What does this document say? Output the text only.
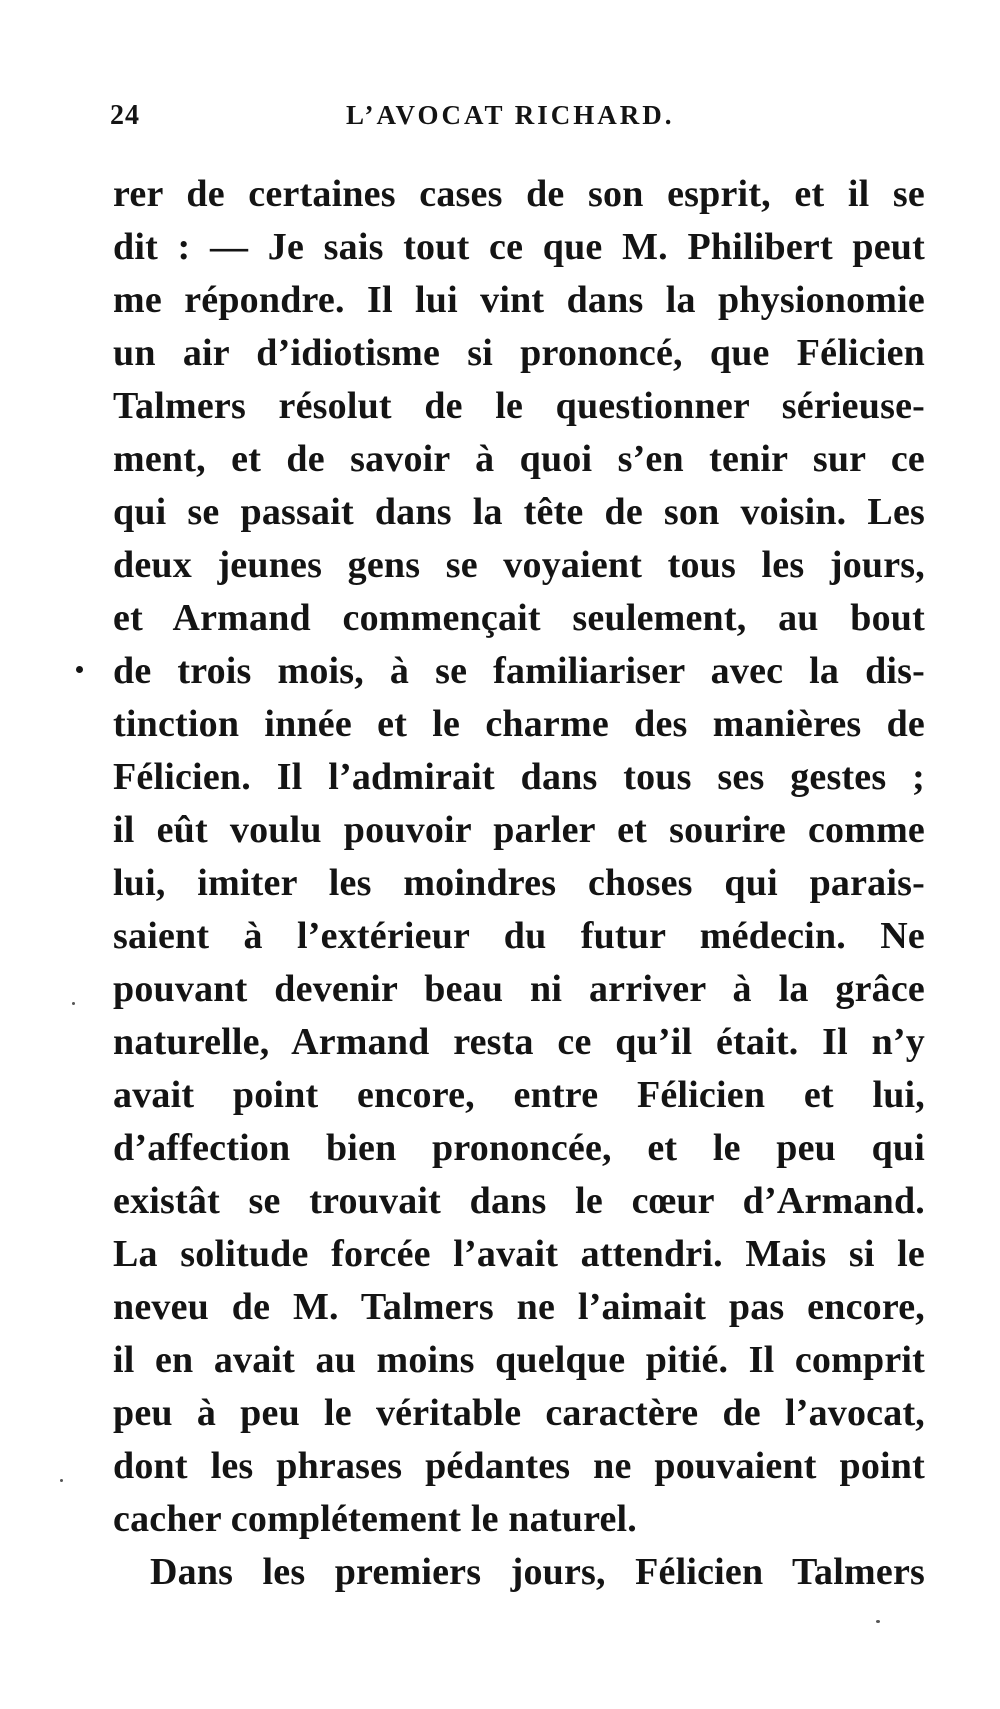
24	L’AVOCAT RICHARD.
rer de certaines cases de son esprit, et il se
dit : — Je sais tout ce que M. Philibert peut
me répondre. Il lui vint dans la physionomie
un air d’idiotisme si prononcé, que Félicien
Talmers résolut de le questionner sérieuse-
ment, et de savoir à quoi s’en tenir sur ce
qui se passait dans la tête de son voisin. Les
deux jeunes gens se voyaient tous les jours,
et Armand commençait seulement, au bout
de trois mois, à se familiariser avec la dis-
tinction innée et le charme des manières de
Félicien. Il l’admirait dans tous ses gestes ;
il eût voulu pouvoir parler et sourire comme
lui, imiter les moindres choses qui parais-
saient à l’extérieur du futur médecin. Ne
pouvant devenir beau ni arriver à la grâce
naturelle, Armand resta ce qu’il était. Il n’y
avait point encore, entre Félicien et lui,
d’affection bien prononcée, et le peu qui
existât se trouvait dans le cœur d’Armand.
La solitude forcée l’avait attendri. Mais si le
neveu de M. Talmers ne l’aimait pas encore,
il en avait au moins quelque pitié. Il comprit
peu à peu le véritable caractère de l’avocat,
dont les phrases pédantes ne pouvaient point
cacher complétement le naturel.
Dans les premiers jours, Félicien Talmers
